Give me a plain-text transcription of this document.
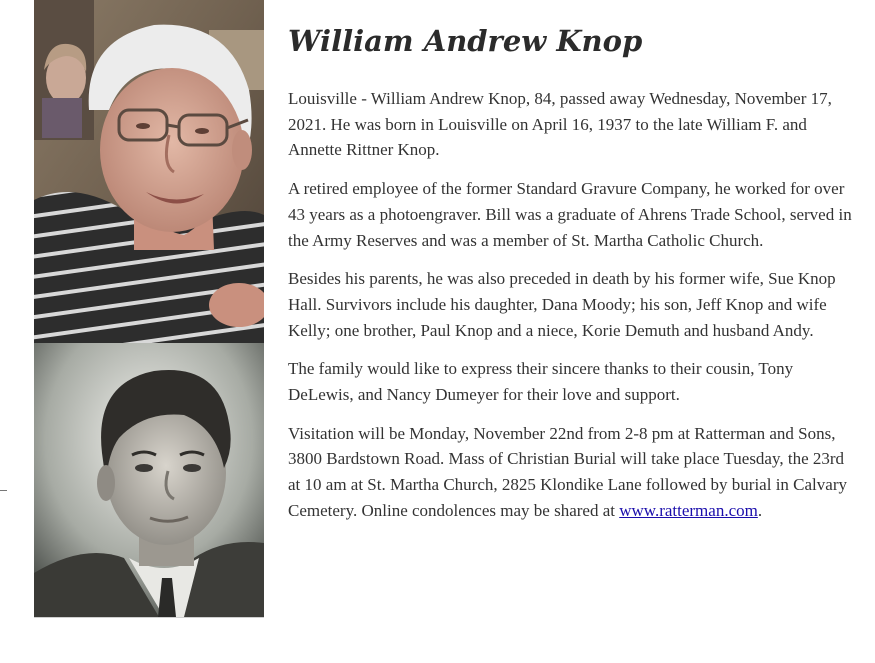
William Andrew Knop

Louisville - William Andrew Knop, 84, passed away Wednesday, November 17, 2021. He was born in Louisville on April 16, 1937 to the late William F. and Annette Rittner Knop.

A retired employee of the former Standard Gravure Company, he worked for over 43 years as a photoengraver. Bill was a graduate of Ahrens Trade School, served in the Army Reserves and was a member of St. Martha Catholic Church.

Besides his parents, he was also preceded in death by his former wife, Sue Knop Hall. Survivors include his daughter, Dana Moody; his son, Jeff Knop and wife Kelly; one brother, Paul Knop and a niece, Korie Demuth and husband Andy.

The family would like to express their sincere thanks to their cousin, Tony DeLewis, and Nancy Dumeyer for their love and support.

Visitation will be Monday, November 22nd from 2-8 pm at Ratterman and Sons, 3800 Bardstown Road. Mass of Christian Burial will take place Tuesday, the 23rd at 10 am at St. Martha Church, 2825 Klondike Lane followed by burial in Calvary Cemetery. Online condolences may be shared at www.ratterman.com.
